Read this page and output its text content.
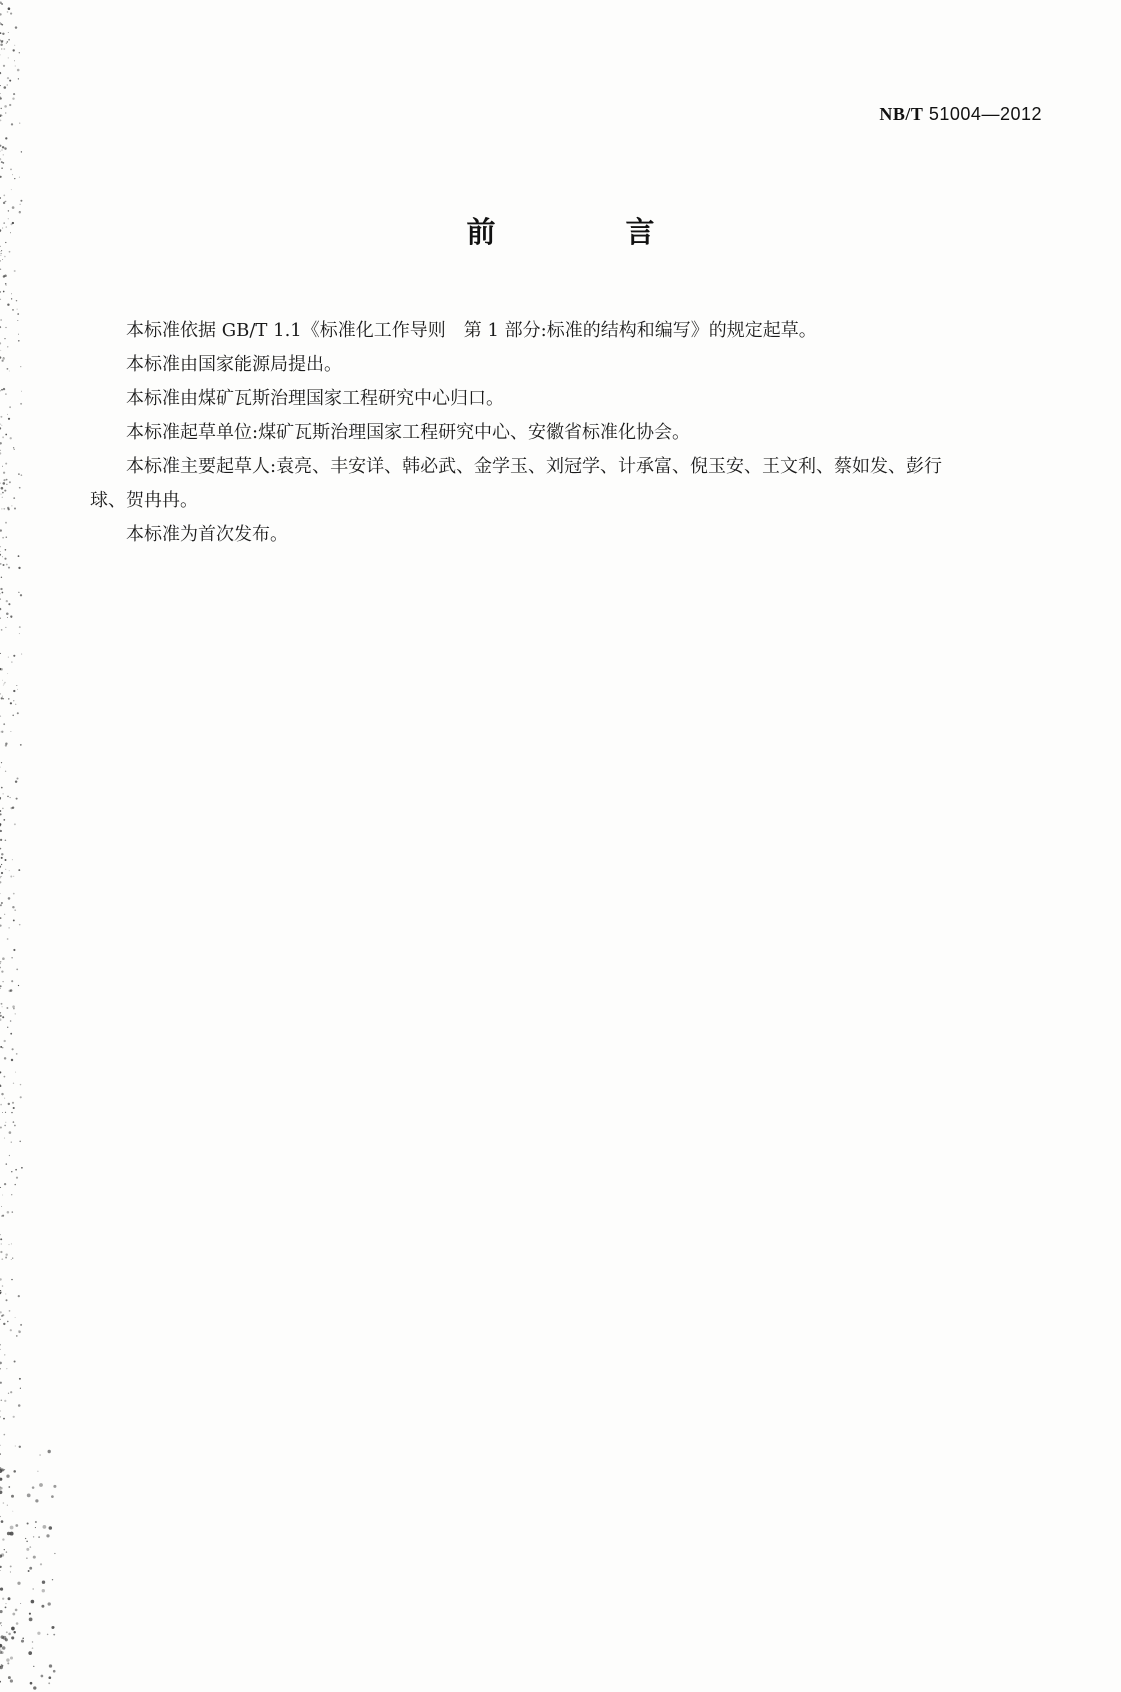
NB/T 51004—2012
前 言

本标准依据 GB/T 1.1《标准化工作导则　第 1 部分:标准的结构和编写》的规定起草。

本标准由国家能源局提出。

本标准由煤矿瓦斯治理国家工程研究中心归口。

本标准起草单位:煤矿瓦斯治理国家工程研究中心、安徽省标准化协会。

本标准主要起草人:袁亮、丰安详、韩必武、金学玉、刘冠学、计承富、倪玉安、王文利、蔡如发、彭行
球、贺冉冉。

本标准为首次发布。
